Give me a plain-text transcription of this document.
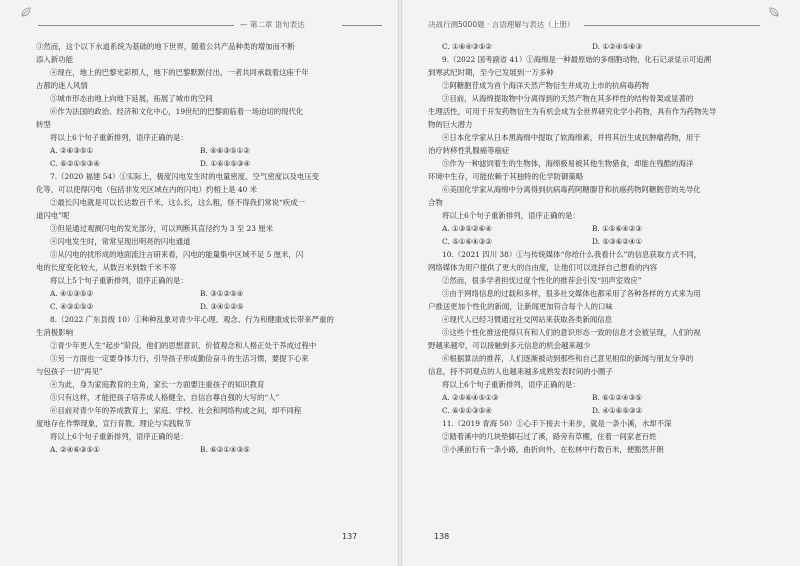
— 第二章 语句表达

③然而，这个以下水道系统为基础的地下世界，随着公共产品种类的增加而不断

添入新功能

④现在，地上的巴黎光彩照人，地下的巴黎默默付出，一者共同承载着这座千年

古都的迷人风情

⑤城市形态由地上向地下延展，拓展了城市的空间

⑥作为法国的政治、经济和文化中心，19世纪的巴黎面临着一场迫切的现代化

转型

将以上6个句子重新排列，语序正确的是：

A. ②⑥③⑤①	B. ④⑥③⑤①②
C. ⑥②①⑤③④	D. ①⑥⑤⑤③④

7.（2020 福建 54）①实际上，极度闪电发生时的电量密度、空气密度以及电压变

化等，可以使得闪电（包括非发光区域在内的闪电）约相上是 40 米

②最长闪电就是可以长达数百千米，这么长，这么粗，怪不得我们常说“疾成一

道闪电”呢

③但是通过观测闪电的发光部分，可以判断其直径约为 3 至 23 厘米

④闪电发生时，常常呈现出明亮的闪电通道

⑤从闪电的扰形成的地面流注言研来看，闪电的能量集中区域不足 5 厘米，闪

电的长度变化较大，从数百米到数千米不等

将以上5个句子重新排列，语序正确的是：

A. ④①③⑤②	B. ③①②⑤④
C. ④③①⑤②	D. ③④①②⑤

8.（2022 广东县级 10）①种种乱象对青少年心理、观念、行为和健康成长带来严重的

生消极影响

②青少年更人生“起步”阶段，他们的思想意识、价值观念和人格正处于养成过程中

③另一方面也一定要身体力行，引导孩子形成勤俭奋斗的生活习惯，要提下心来

与包孩子一切“再见”

④为此，身为家庭教育的主角，家长一方面要注重孩子的知识教育

⑤只有这样，才能把孩子培养成人格健全、自信自尊自强的大写的“人”

⑥目前对青少年的养成教育上，家庭、学校、社会和网络构成之间，却不同程

度地存在作弊现象，宣行育教、理论与实践脱节

将以上6个句子重新排列，语序正确的是：

A. ②④⑥③⑤①	B. ⑥②①④③⑤
137
决战行测5000题 · 言语理解与表达（上册）
C. ①⑥④③⑤②	D. ①②④⑤⑥③

9.（2022 国考副省 41）①海绵是一种最原始的多细胞动物，化石记录显示可追溯

到寒武纪时期，至今已发展到一万多种

②阿糖胞苷成为首个海洋天然产物衍生并成功上市的抗病毒药物

③目前，从海绵提取物中分离得到的天然产物在其多样性的结构骨架或显著的

生理活性，可用于开发药物衍生为有机会成为全世界研究化学小药物，具有作为药物先导

物的巨大潜力

④日本化学家从日本黑海绵中提取了软海绵素，并将其衍生成抗肿瘤药物，用于

治疗转移性乳腺癌等癌症

⑤作为一种滤饲着生的生物体，海绵极易被其他生物猎食，却能在残酷的海洋

环境中生存，可能依赖于其独特的化学防御策略

⑥美国化学家从海绵中分离得到抗病毒药阿糖腺苷和抗癌药物阿糖胞苷的先导化

合物

将以上6个句子重新排列，语序正确的是：

A. ①③⑤②⑥④	B. ①⑤⑥④②③
C. ⑤①⑥④③②	D. ⑤③⑥②④①

10.（2021 四川 38）①与传统媒体“你给什么我看什么”的信息获取方式不同，

网络媒体为用户提供了更大的自由度，让他们可以选择自己想看的内容

②然而，很多学者担忧过度个性化的推荐会引发“回声室效应”

③由于网络信息的过载和多样，很多社交媒体也都采用了各种各样的方式来为用

户推送更加个性化的新闻，让新闻更加符合每个人的口味

④现代人已经习惯通过社交网站来获取各类新闻信息

⑤这些个性化推送使得只有和人们的意识形态一致的信息才会被呈现，人们的视

野越来越窄，可以接触到多元信息的机会越来越少

⑥根据算法的推荐，人们逐渐被动到那些和自己意见相似的新闻与朋友分享的

信息，持不同观点的人也越来越多成熟发表时间的小圈子

将以上6个句子重新排列，语序正确的是：

A. ②⑤⑥④⑤①③	B. ⑥①②④③⑤
C. ⑥⑤①③⑤④	D. ④①⑥⑤③②

11.（2019 青海 50）①心手下接去十来步，就是一条小溪，水却不深

②踏着溪中的几块垫脚石过了溪，路旁有草棚，住着一间家老百姓

③小溪前行有一条小路，曲折向外，在松林中行数百米，便豁然开朗

138
